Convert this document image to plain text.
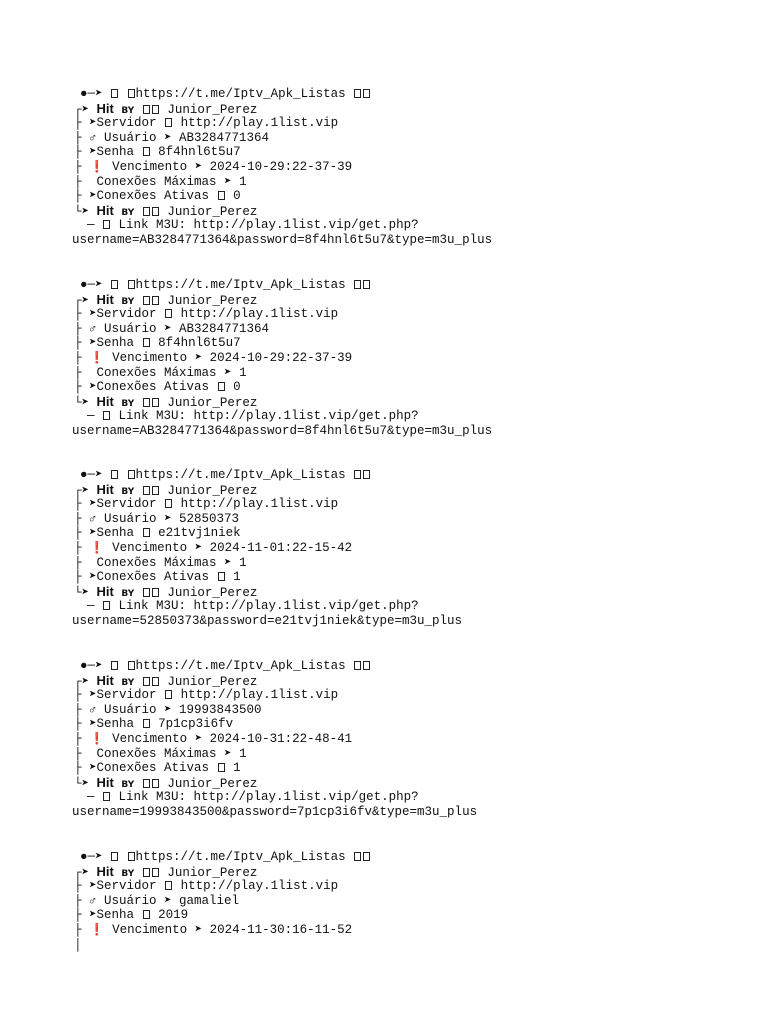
●─➤  https://t.me/Iptv_Apk_Listas
┌➤ Hit BY	Junior_Perez
├ ➤Servidor  http://play.1list.vip
├ ♂ Usuário ➤ AB3284771364
├ ➤Senha  8f4hnl6t5u7
├ ❗ Vencimento ➤ 2024-10-29:22-37-39
├  Conexões Máximas ➤ 1
├ ➤Conexões Ativas  0
└➤ Hit BY	Junior_Perez
—  Link M3U: http://play.1list.vip/get.php?
username=AB3284771364&password=8f4hnl6t5u7&type=m3u_plus
●─➤  https://t.me/Iptv_Apk_Listas
┌➤ Hit BY	Junior_Perez
├ ➤Servidor  http://play.1list.vip
├ ♂ Usuário ➤ AB3284771364
├ ➤Senha  8f4hnl6t5u7
├ ❗ Vencimento ➤ 2024-10-29:22-37-39
├  Conexões Máximas ➤ 1
├ ➤Conexões Ativas  0
└➤ Hit BY	Junior_Perez
—  Link M3U: http://play.1list.vip/get.php?
username=AB3284771364&password=8f4hnl6t5u7&type=m3u_plus
●─➤  https://t.me/Iptv_Apk_Listas
┌➤ Hit BY	Junior_Perez
├ ➤Servidor  http://play.1list.vip
├ ♂ Usuário ➤ 52850373
├ ➤Senha  e21tvj1niek
├ ❗ Vencimento ➤ 2024-11-01:22-15-42
├  Conexões Máximas ➤ 1
├ ➤Conexões Ativas  1
└➤ Hit BY	Junior_Perez
—  Link M3U: http://play.1list.vip/get.php?
username=52850373&password=e21tvj1niek&type=m3u_plus
●─➤  https://t.me/Iptv_Apk_Listas
┌➤ Hit BY	Junior_Perez
├ ➤Servidor  http://play.1list.vip
├ ♂ Usuário ➤ 19993843500
├ ➤Senha  7p1cp3i6fv
├ ❗ Vencimento ➤ 2024-10-31:22-48-41
├  Conexões Máximas ➤ 1
├ ➤Conexões Ativas  1
└➤ Hit BY	Junior_Perez
—  Link M3U: http://play.1list.vip/get.php?
username=19993843500&password=7p1cp3i6fv&type=m3u_plus
●─➤  https://t.me/Iptv_Apk_Listas
┌➤ Hit BY	Junior_Perez
├ ➤Servidor  http://play.1list.vip
├ ♂ Usuário ➤ gamaliel
├ ➤Senha  2019
├ ❗ Vencimento ➤ 2024-11-30:16-11-52
│
